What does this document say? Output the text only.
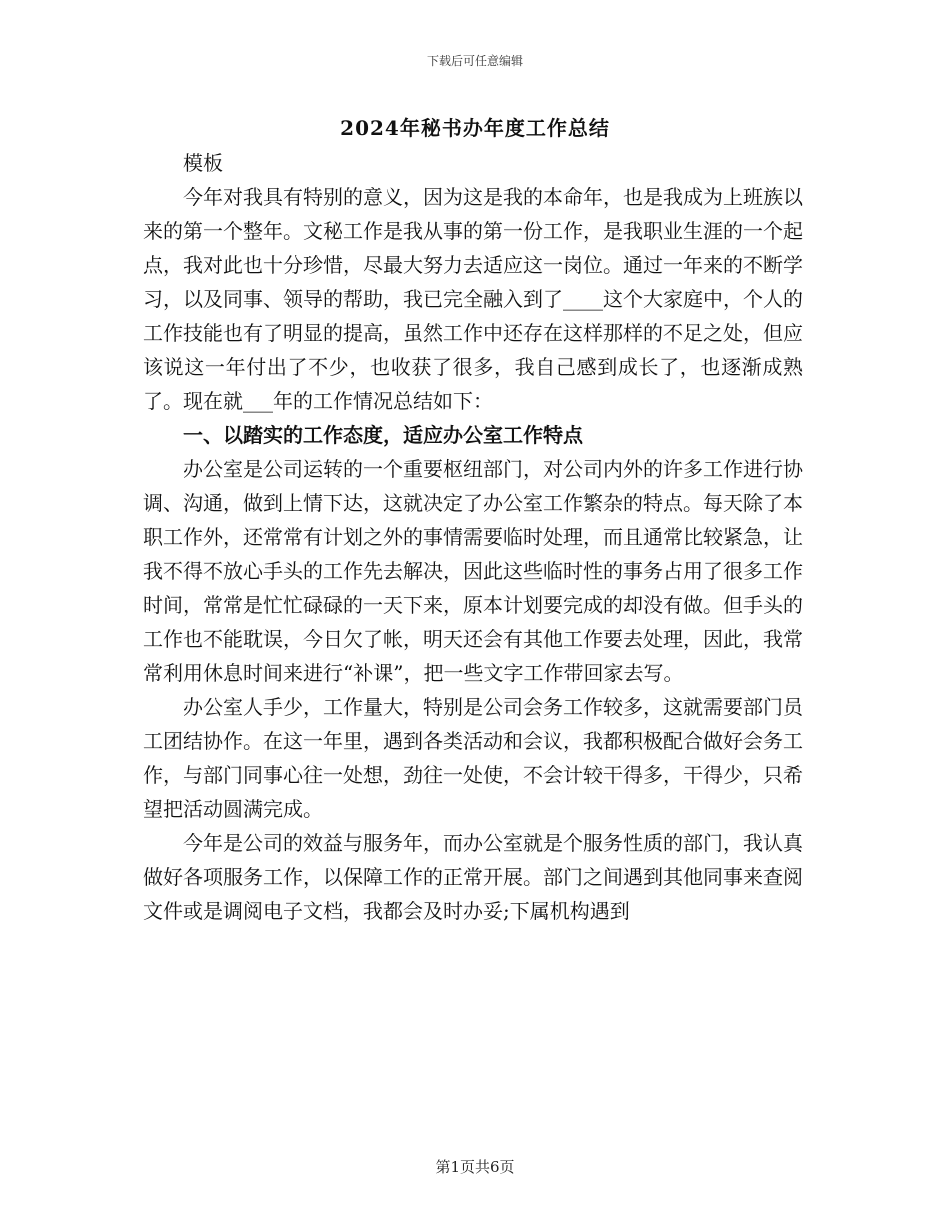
下载后可任意编辑
2024年秘书办年度工作总结

模板

今年对我具有特别的意义，因为这是我的本命年，也是我成为上班族以来的第一个整年。文秘工作是我从事的第一份工作，是我职业生涯的一个起点，我对此也十分珍惜，尽最大努力去适应这一岗位。通过一年来的不断学习，以及同事、领导的帮助，我已完全融入到了____这个大家庭中，个人的工作技能也有了明显的提高，虽然工作中还存在这样那样的不足之处，但应该说这一年付出了不少，也收获了很多，我自己感到成长了，也逐渐成熟了。现在就___年的工作情况总结如下：

一、以踏实的工作态度，适应办公室工作特点

办公室是公司运转的一个重要枢纽部门，对公司内外的许多工作进行协调、沟通，做到上情下达，这就决定了办公室工作繁杂的特点。每天除了本职工作外，还常常有计划之外的事情需要临时处理，而且通常比较紧急，让我不得不放心手头的工作先去解决，因此这些临时性的事务占用了很多工作时间，常常是忙忙碌碌的一天下来，原本计划要完成的却没有做。但手头的工作也不能耽误，今日欠了帐，明天还会有其他工作要去处理，因此，我常常利用休息时间来进行“补课”，把一些文字工作带回家去写。

办公室人手少，工作量大，特别是公司会务工作较多，这就需要部门员工团结协作。在这一年里，遇到各类活动和会议，我都积极配合做好会务工作，与部门同事心往一处想，劲往一处使，不会计较干得多，干得少，只希望把活动圆满完成。

今年是公司的效益与服务年，而办公室就是个服务性质的部门，我认真做好各项服务工作，以保障工作的正常开展。部门之间遇到其他同事来查阅文件或是调阅电子文档，我都会及时办妥;下属机构遇到

第1页共6页
